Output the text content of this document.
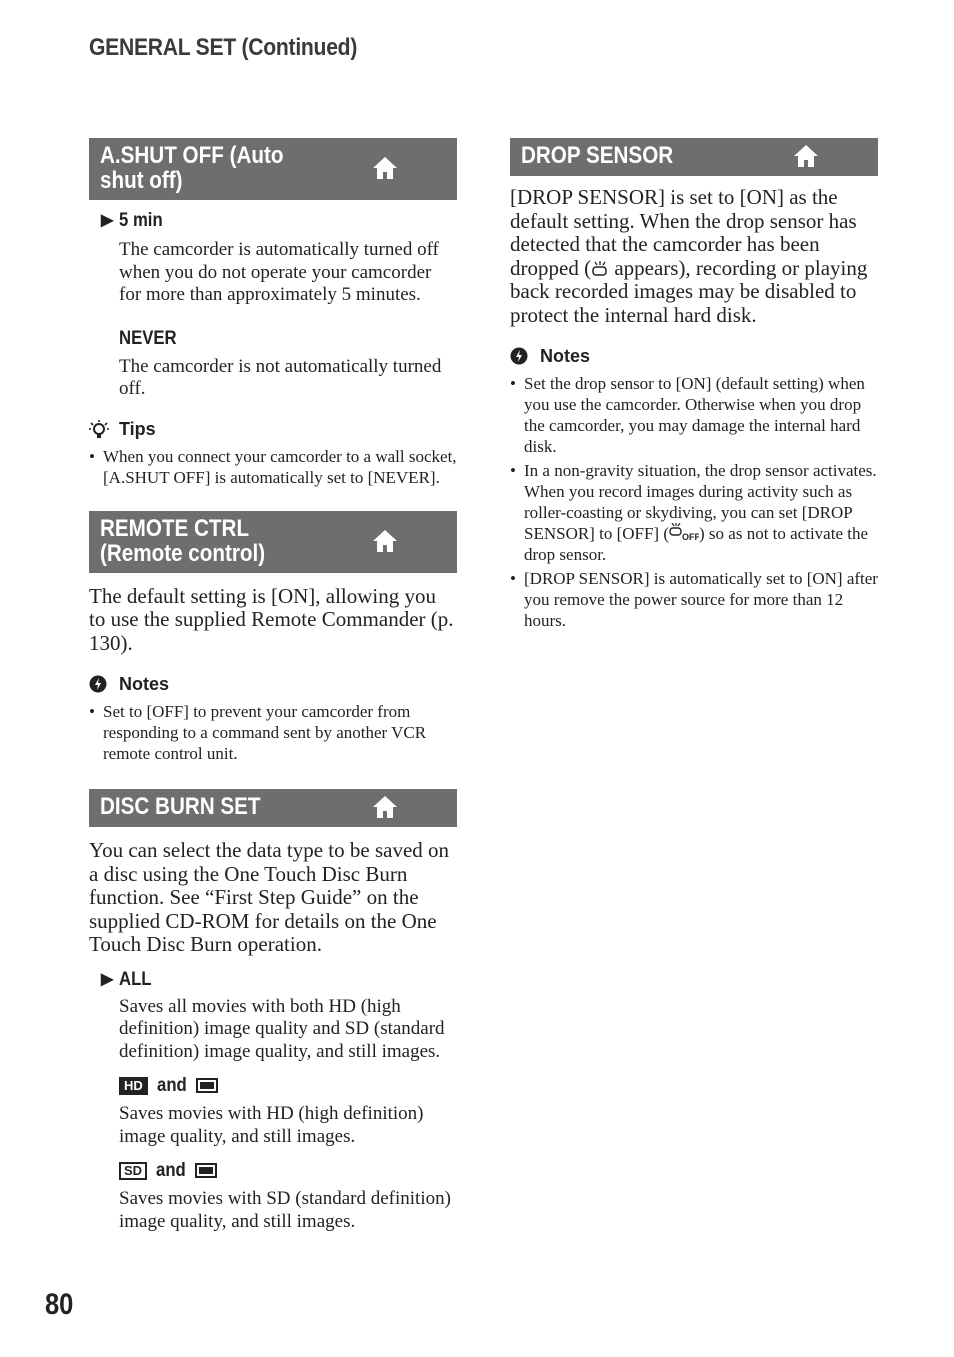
GENERAL SET (Continued)
A.SHUT OFF (Auto shut off)
▶ 5 min

The camcorder is automatically turned off when you do not operate your camcorder for more than approximately 5 minutes.

NEVER

The camcorder is not automatically turned off.

Tips
• When you connect your camcorder to a wall socket, [A.SHUT OFF] is automatically set to [NEVER].
REMOTE CTRL (Remote control)

The default setting is [ON], allowing you to use the supplied Remote Commander (p. 130).

Notes
• Set to [OFF] to prevent your camcorder from responding to a command sent by another VCR remote control unit.
DISC BURN SET

You can select the data type to be saved on a disc using the One Touch Disc Burn function. See “First Step Guide” on the supplied CD-ROM for details on the One Touch Disc Burn operation.

▶ ALL

Saves all movies with both HD (high definition) image quality and SD (standard definition) image quality, and still images.

HD and

Saves movies with HD (high definition) image quality, and still images.

SD and

Saves movies with SD (standard definition) image quality, and still images.

DROP SENSOR

[DROP SENSOR] is set to [ON] as the default setting. When the drop sensor has detected that the camcorder has been dropped ( appears), recording or playing back recorded images may be disabled to protect the internal hard disk.

Notes
• Set the drop sensor to [ON] (default setting) when you use the camcorder. Otherwise when you drop the camcorder, you may damage the internal hard disk.
• In a non-gravity situation, the drop sensor activates. When you record images during activity such as roller-coasting or skydiving, you can set [DROP SENSOR] to [OFF] ( OFF ) so as not to activate the drop sensor.
• [DROP SENSOR] is automatically set to [ON] after you remove the power source for more than 12 hours.
80
